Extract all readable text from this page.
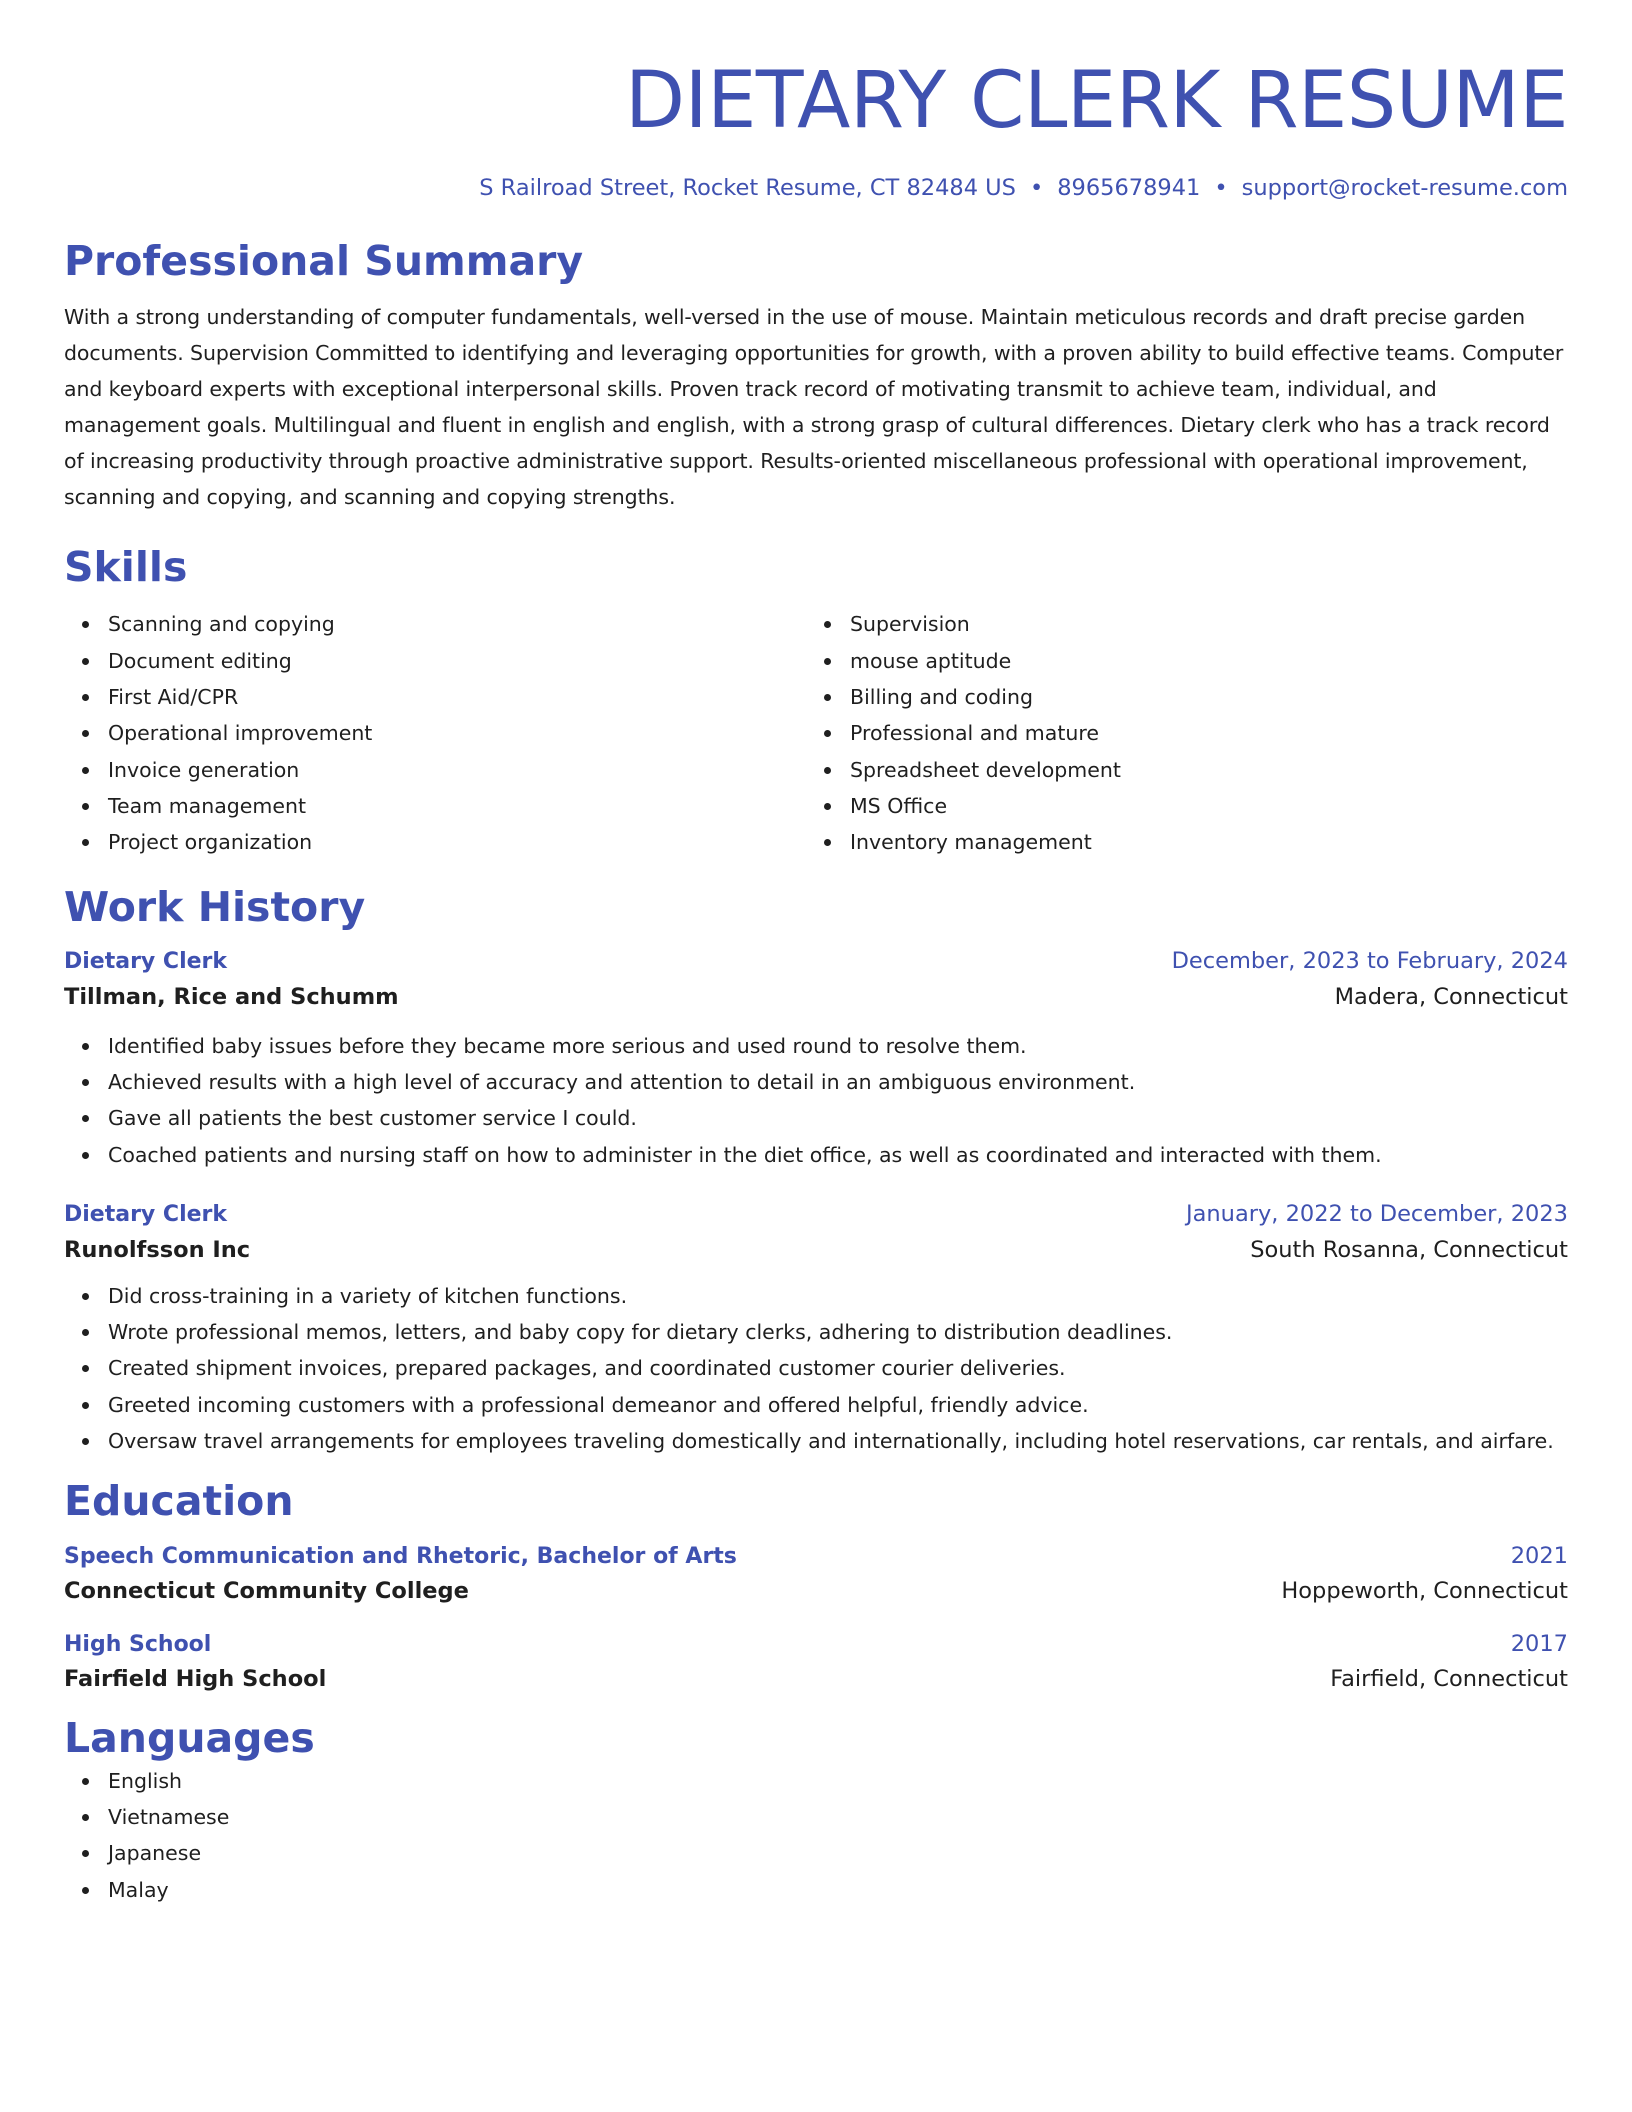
DIETARY CLERK RESUME
S Railroad Street, Rocket Resume, CT 82484 US • 8965678941 • support@rocket-resume.com
Professional Summary
With a strong understanding of computer fundamentals, well-versed in the use of mouse. Maintain meticulous records and draft precise garden documents. Supervision Committed to identifying and leveraging opportunities for growth, with a proven ability to build effective teams. Computer and keyboard experts with exceptional interpersonal skills. Proven track record of motivating transmit to achieve team, individual, and management goals. Multilingual and fluent in english and english, with a strong grasp of cultural differences. Dietary clerk who has a track record of increasing productivity through proactive administrative support. Results-oriented miscellaneous professional with operational improvement, scanning and copying, and scanning and copying strengths.
Skills
Scanning and copying
Document editing
First Aid/CPR
Operational improvement
Invoice generation
Team management
Project organization
Supervision
mouse aptitude
Billing and coding
Professional and mature
Spreadsheet development
MS Office
Inventory management
Work History
Dietary Clerk	December, 2023 to February, 2024
Tillman, Rice and Schumm	Madera, Connecticut
Identified baby issues before they became more serious and used round to resolve them.
Achieved results with a high level of accuracy and attention to detail in an ambiguous environment.
Gave all patients the best customer service I could.
Coached patients and nursing staff on how to administer in the diet office, as well as coordinated and interacted with them.
Dietary Clerk	January, 2022 to December, 2023
Runolfsson Inc	South Rosanna, Connecticut
Did cross-training in a variety of kitchen functions.
Wrote professional memos, letters, and baby copy for dietary clerks, adhering to distribution deadlines.
Created shipment invoices, prepared packages, and coordinated customer courier deliveries.
Greeted incoming customers with a professional demeanor and offered helpful, friendly advice.
Oversaw travel arrangements for employees traveling domestically and internationally, including hotel reservations, car rentals, and airfare.
Education
Speech Communication and Rhetoric, Bachelor of Arts	2021
Connecticut Community College	Hoppeworth, Connecticut
High School	2017
Fairfield High School	Fairfield, Connecticut
Languages
English
Vietnamese
Japanese
Malay
